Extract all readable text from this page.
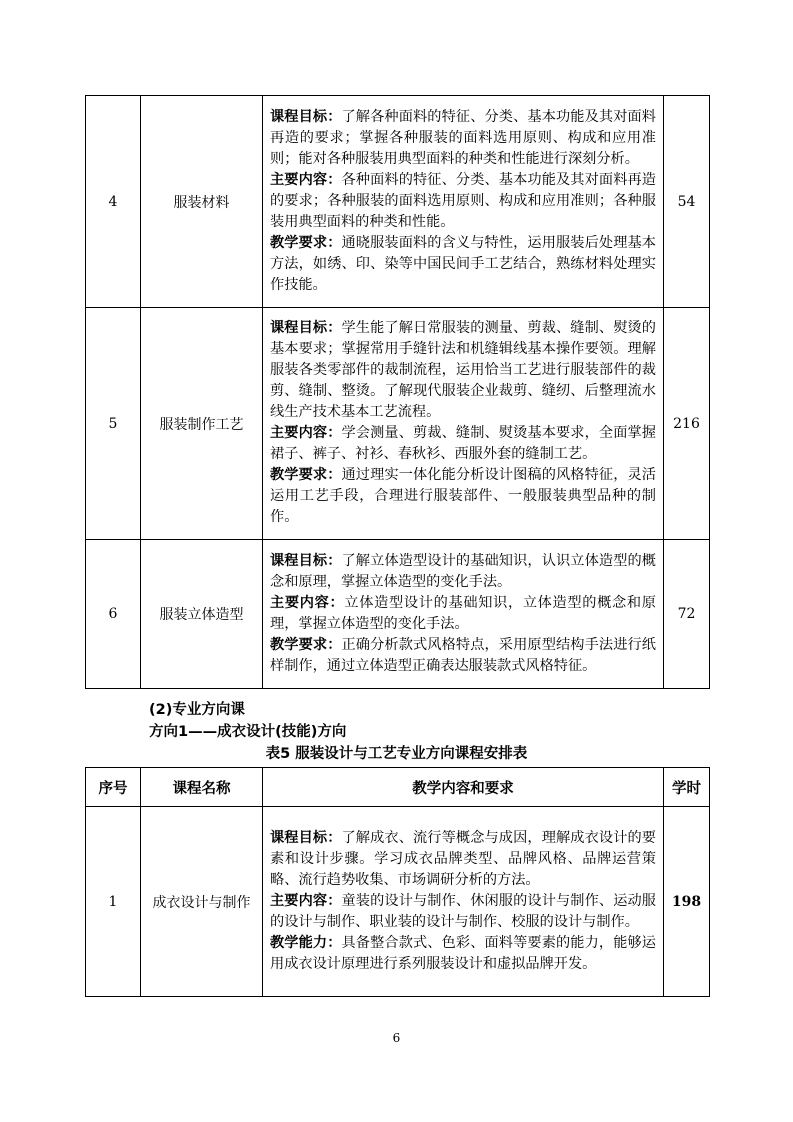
4	服装材料	课程目标：了解各种面料的特征、分类、基本功能及其对面料再造的要求；掌握各种服装的面料选用原则、构成和应用准则；能对各种服装用典型面料的种类和性能进行深刻分析。
主要内容：各种面料的特征、分类、基本功能及其对面料再造的要求；各种服装的面料选用原则、构成和应用准则；各种服装用典型面料的种类和性能。
教学要求：通晓服装面料的含义与特性，运用服装后处理基本方法，如绣、印、染等中国民间手工艺结合，熟练材料处理实作技能。	54
5	服装制作工艺	课程目标：学生能了解日常服装的测量、剪裁、缝制、熨烫的基本要求；掌握常用手缝针法和机缝辑线基本操作要领。理解服装各类零部件的裁制流程，运用恰当工艺进行服装部件的裁剪、缝制、整烫。了解现代服装企业裁剪、缝纫、后整理流水线生产技术基本工艺流程。
主要内容：学会测量、剪裁、缝制、熨烫基本要求，全面掌握裙子、裤子、衬衫、春秋衫、西服外套的缝制工艺。
教学要求：通过理实一体化能分析设计图稿的风格特征，灵活运用工艺手段，合理进行服装部件、一般服装典型品种的制作。	216
6	服装立体造型	课程目标：了解立体造型设计的基础知识，认识立体造型的概念和原理，掌握立体造型的变化手法。
主要内容：立体造型设计的基础知识，立体造型的概念和原理，掌握立体造型的变化手法。
教学要求：正确分析款式风格特点，采用原型结构手法进行纸样制作，通过立体造型正确表达服装款式风格特征。	72
(2)专业方向课
方向1——成衣设计(技能)方向
表5 服装设计与工艺专业方向课程安排表
序号	课程名称	教学内容和要求	学时
1	成衣设计与制作	课程目标：了解成衣、流行等概念与成因，理解成衣设计的要素和设计步骤。学习成衣品牌类型、品牌风格、品牌运营策略、流行趋势收集、市场调研分析的方法。
主要内容：童装的设计与制作、休闲服的设计与制作、运动服的设计与制作、职业装的设计与制作、校服的设计与制作。
教学能力：具备整合款式、色彩、面料等要素的能力，能够运用成衣设计原理进行系列服装设计和虚拟品牌开发。	198
6
